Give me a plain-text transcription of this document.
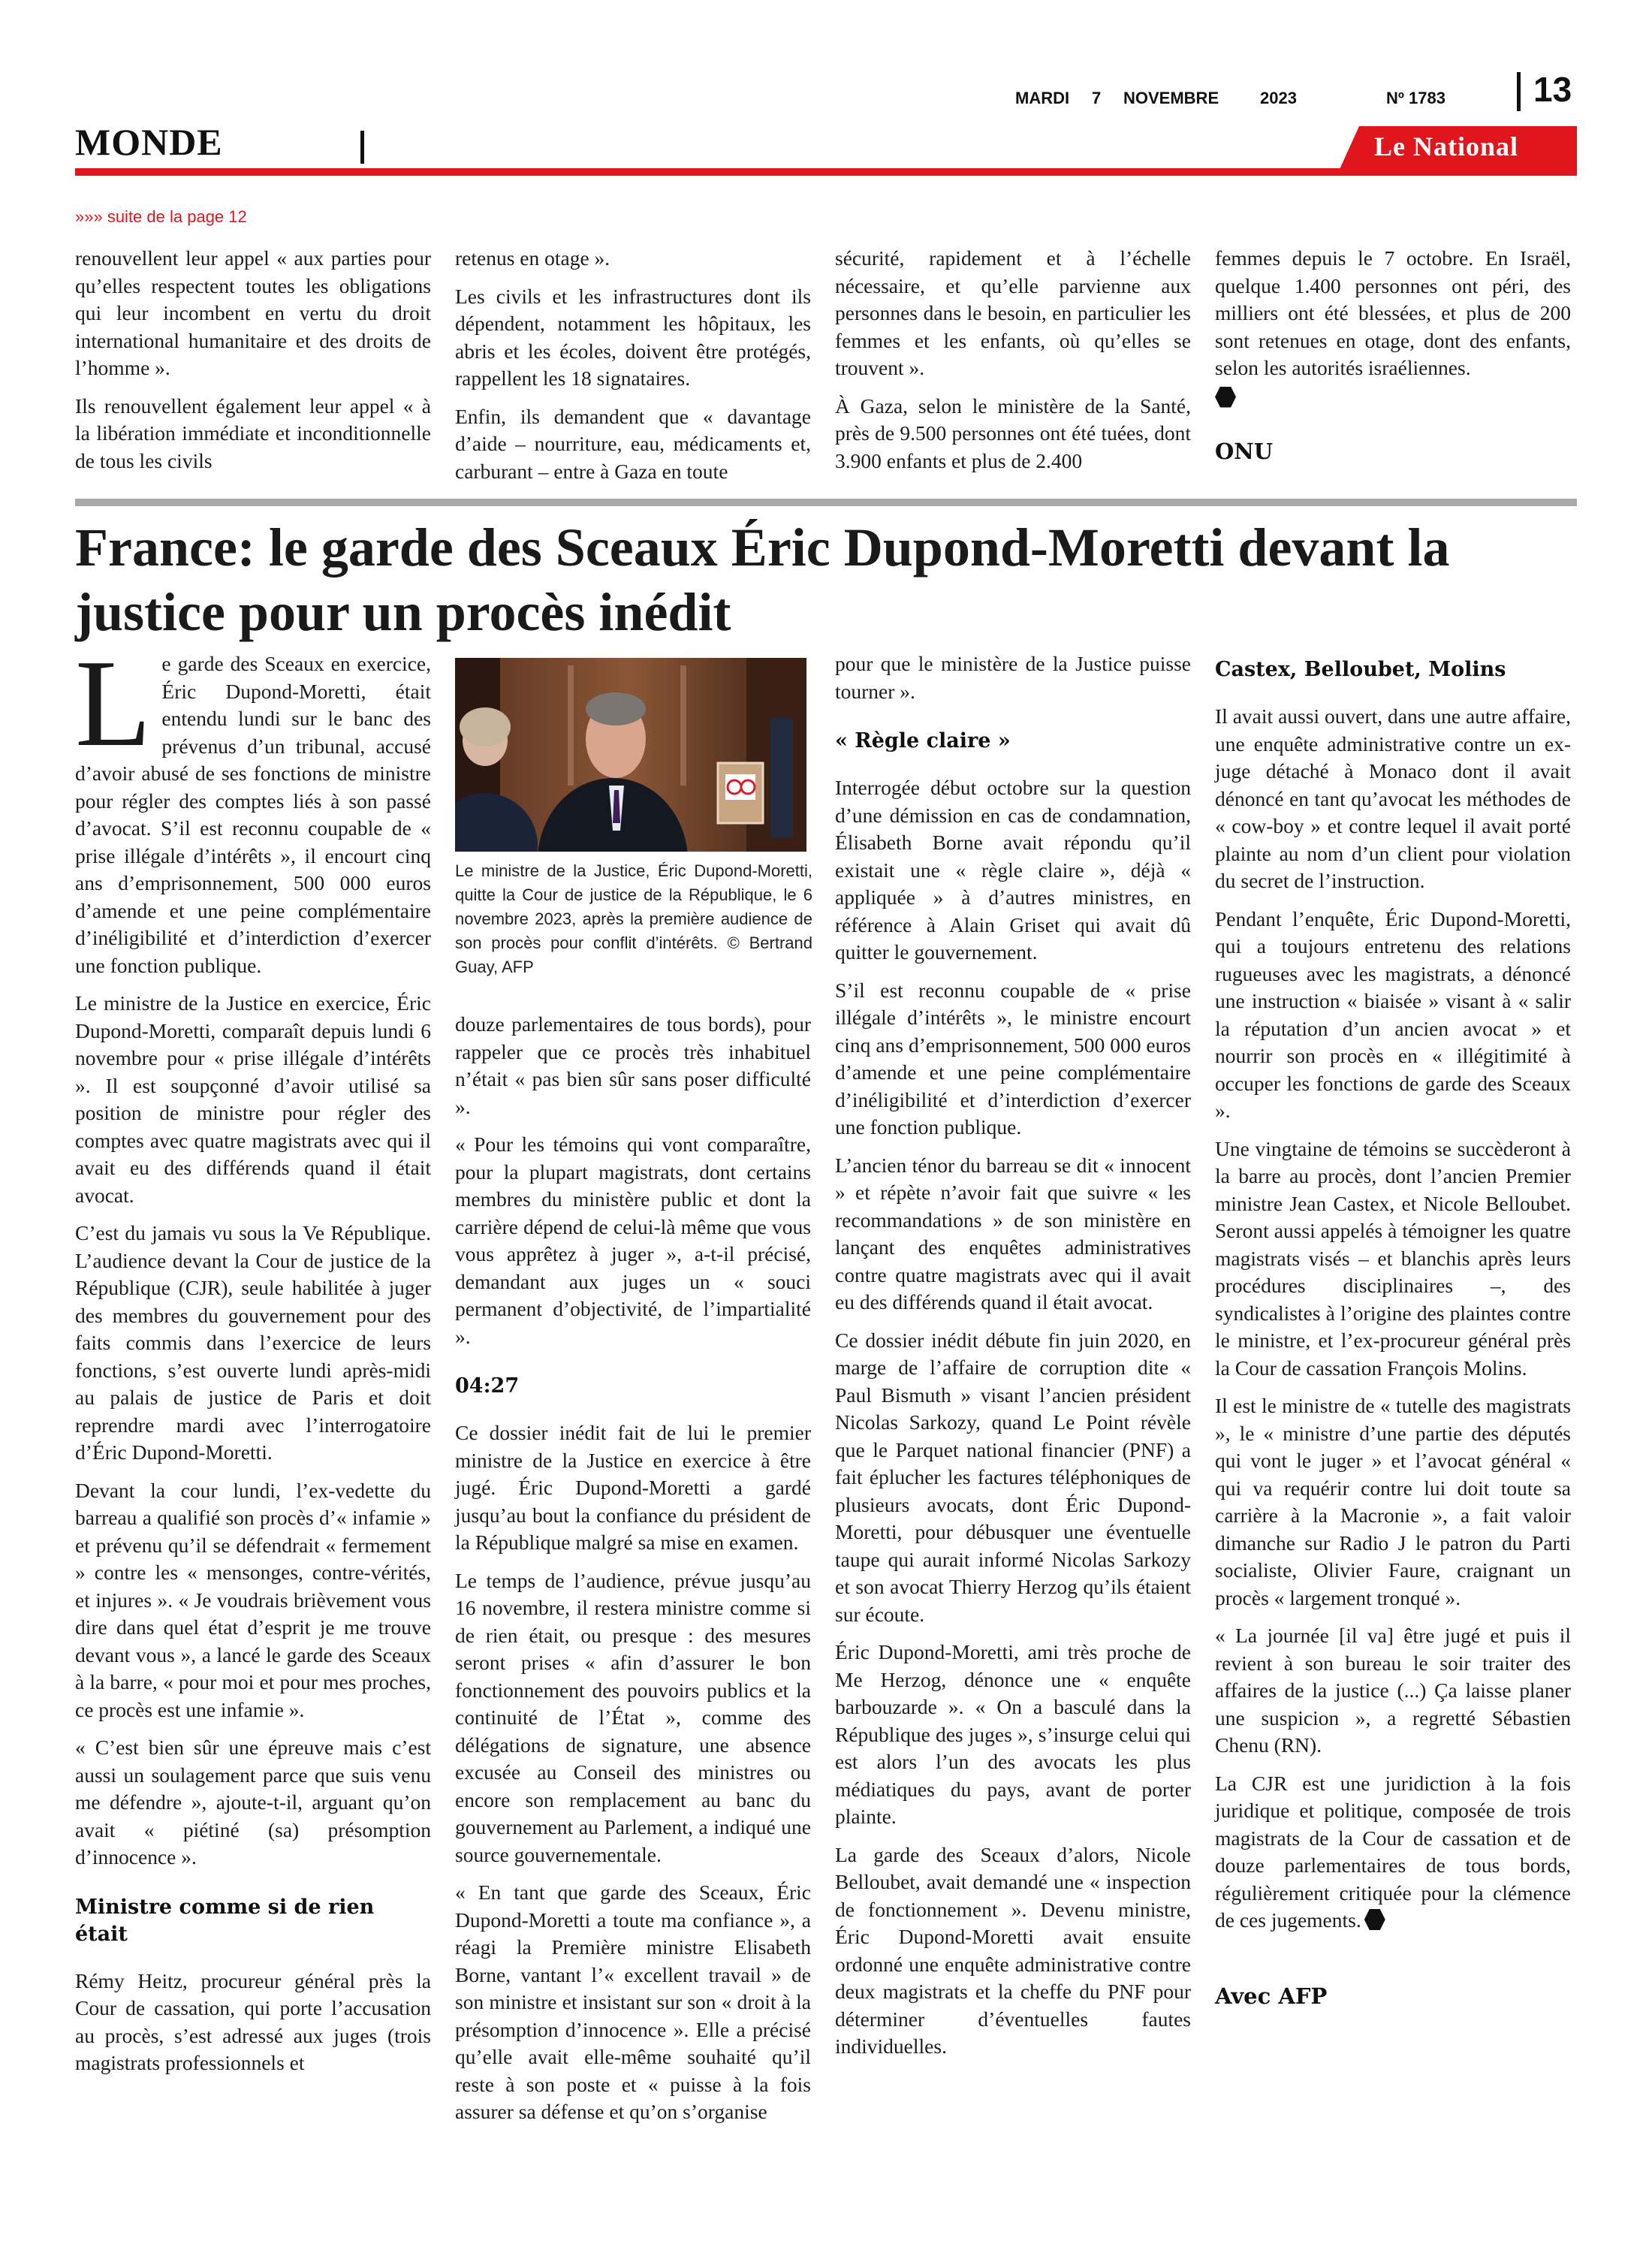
MARDI 7 NOVEMBRE 2023	Nº 1783	13
MONDE	Le National
»»» suite de la page 12

renouvellent leur appel « aux parties pour qu’elles respectent toutes les obligations qui leur incombent en vertu du droit international humanitaire et des droits de l’homme ».

Ils renouvellent également leur appel « à la libération immédiate et inconditionnelle de tous les civils

retenus en otage ».

Les civils et les infrastructures dont ils dépendent, notamment les hôpitaux, les abris et les écoles, doivent être protégés, rappellent les 18 signataires.

Enfin, ils demandent que « davantage d’aide – nourriture, eau, médicaments et, carburant – entre à Gaza en toute

sécurité, rapidement et à l’échelle nécessaire, et qu’elle parvienne aux personnes dans le besoin, en particulier les femmes et les enfants, où qu’elles se trouvent ».

À Gaza, selon le ministère de la Santé, près de 9.500 personnes ont été tuées, dont 3.900 enfants et plus de 2.400

femmes depuis le 7 octobre. En Israël, quelque 1.400 personnes ont péri, des milliers ont été blessées, et plus de 200 sont retenues en otage, dont des enfants, selon les autorités israéliennes.

ONU
France: le garde des Sceaux Éric Dupond-Moretti devant la justice pour un procès inédit

Le garde des Sceaux en exercice, Éric Dupond-Moretti, était entendu lundi sur le banc des prévenus d’un tribunal, accusé d’avoir abusé de ses fonctions de ministre pour régler des comptes liés à son passé d’avocat. S’il est reconnu coupable de « prise illégale d’intérêts », il encourt cinq ans d’emprisonnement, 500 000 euros d’amende et une peine complémentaire d’inéligibilité et d’interdiction d’exercer une fonction publique.

Le ministre de la Justice en exercice, Éric Dupond-Moretti, comparaît depuis lundi 6 novembre pour « prise illégale d’intérêts ». Il est soupçonné d’avoir utilisé sa position de ministre pour régler des comptes avec quatre magistrats avec qui il avait eu des différends quand il était avocat.

C’est du jamais vu sous la Ve République. L’audience devant la Cour de justice de la République (CJR), seule habilitée à juger des membres du gouvernement pour des faits commis dans l’exercice de leurs fonctions, s’est ouverte lundi après-midi au palais de justice de Paris et doit reprendre mardi avec l’interrogatoire d’Éric Dupond-Moretti.

Devant la cour lundi, l’ex-vedette du barreau a qualifié son procès d’« infamie » et prévenu qu’il se défendrait « fermement » contre les « mensonges, contre-vérités, et injures ». « Je voudrais brièvement vous dire dans quel état d’esprit je me trouve devant vous », a lancé le garde des Sceaux à la barre, « pour moi et pour mes proches, ce procès est une infamie ».

« C’est bien sûr une épreuve mais c’est aussi un soulagement parce que suis venu me défendre », ajoute-t-il, arguant qu’on avait « piétiné (sa) présomption d’innocence ».

Ministre comme si de rien était

Rémy Heitz, procureur général près la Cour de cassation, qui porte l’accusation au procès, s’est adressé aux juges (trois magistrats professionnels et

Le ministre de la Justice, Éric Dupond-Moretti, quitte la Cour de justice de la République, le 6 novembre 2023, après la première audience de son procès pour conflit d’intérêts. © Bertrand Guay, AFP

douze parlementaires de tous bords), pour rappeler que ce procès très inhabituel n’était « pas bien sûr sans poser difficulté ».

« Pour les témoins qui vont comparaître, pour la plupart magistrats, dont certains membres du ministère public et dont la carrière dépend de celui-là même que vous vous apprêtez à juger », a-t-il précisé, demandant aux juges un « souci permanent d’objectivité, de l’impartialité ».

04:27

Ce dossier inédit fait de lui le premier ministre de la Justice en exercice à être jugé. Éric Dupond-Moretti a gardé jusqu’au bout la confiance du président de la République malgré sa mise en examen.

Le temps de l’audience, prévue jusqu’au 16 novembre, il restera ministre comme si de rien était, ou presque : des mesures seront prises « afin d’assurer le bon fonctionnement des pouvoirs publics et la continuité de l’État », comme des délégations de signature, une absence excusée au Conseil des ministres ou encore son remplacement au banc du gouvernement au Parlement, a indiqué une source gouvernementale.

« En tant que garde des Sceaux, Éric Dupond-Moretti a toute ma confiance », a réagi la Première ministre Elisabeth Borne, vantant l’« excellent travail » de son ministre et insistant sur son « droit à la présomption d’innocence ». Elle a précisé qu’elle avait elle-même souhaité qu’il reste à son poste et « puisse à la fois assurer sa défense et qu’on s’organise

pour que le ministère de la Justice puisse tourner ».

« Règle claire »

Interrogée début octobre sur la question d’une démission en cas de condamnation, Élisabeth Borne avait répondu qu’il existait une « règle claire », déjà « appliquée » à d’autres ministres, en référence à Alain Griset qui avait dû quitter le gouvernement.

S’il est reconnu coupable de « prise illégale d’intérêts », le ministre encourt cinq ans d’emprisonnement, 500 000 euros d’amende et une peine complémentaire d’inéligibilité et d’interdiction d’exercer une fonction publique.

L’ancien ténor du barreau se dit « innocent » et répète n’avoir fait que suivre « les recommandations » de son ministère en lançant des enquêtes administratives contre quatre magistrats avec qui il avait eu des différends quand il était avocat.

Ce dossier inédit débute fin juin 2020, en marge de l’affaire de corruption dite « Paul Bismuth » visant l’ancien président Nicolas Sarkozy, quand Le Point révèle que le Parquet national financier (PNF) a fait éplucher les factures téléphoniques de plusieurs avocats, dont Éric Dupond-Moretti, pour débusquer une éventuelle taupe qui aurait informé Nicolas Sarkozy et son avocat Thierry Herzog qu’ils étaient sur écoute.

Éric Dupond-Moretti, ami très proche de Me Herzog, dénonce une « enquête barbouzarde ». « On a basculé dans la République des juges », s’insurge celui qui est alors l’un des avocats les plus médiatiques du pays, avant de porter plainte.

La garde des Sceaux d’alors, Nicole Belloubet, avait demandé une « inspection de fonctionnement ». Devenu ministre, Éric Dupond-Moretti avait ensuite ordonné une enquête administrative contre deux magistrats et la cheffe du PNF pour déterminer d’éventuelles fautes individuelles.

Castex, Belloubet, Molins

Il avait aussi ouvert, dans une autre affaire, une enquête administrative contre un ex-juge détaché à Monaco dont il avait dénoncé en tant qu’avocat les méthodes de « cow-boy » et contre lequel il avait porté plainte au nom d’un client pour violation du secret de l’instruction.

Pendant l’enquête, Éric Dupond-Moretti, qui a toujours entretenu des relations rugueuses avec les magistrats, a dénoncé une instruction « biaisée » visant à « salir la réputation d’un ancien avocat » et nourrir son procès en « illégitimité à occuper les fonctions de garde des Sceaux ».

Une vingtaine de témoins se succèderont à la barre au procès, dont l’ancien Premier ministre Jean Castex, et Nicole Belloubet. Seront aussi appelés à témoigner les quatre magistrats visés – et blanchis après leurs procédures disciplinaires –, des syndicalistes à l’origine des plaintes contre le ministre, et l’ex-procureur général près la Cour de cassation François Molins.

Il est le ministre de « tutelle des magistrats », le « ministre d’une partie des députés qui vont le juger » et l’avocat général « qui va requérir contre lui doit toute sa carrière à la Macronie », a fait valoir dimanche sur Radio J le patron du Parti socialiste, Olivier Faure, craignant un procès « largement tronqué ».

« La journée [il va] être jugé et puis il revient à son bureau le soir traiter des affaires de la justice (...) Ça laisse planer une suspicion », a regretté Sébastien Chenu (RN).

La CJR est une juridiction à la fois juridique et politique, composée de trois magistrats de la Cour de cassation et de douze parlementaires de tous bords, régulièrement critiquée pour la clémence de ces jugements.

Avec AFP
